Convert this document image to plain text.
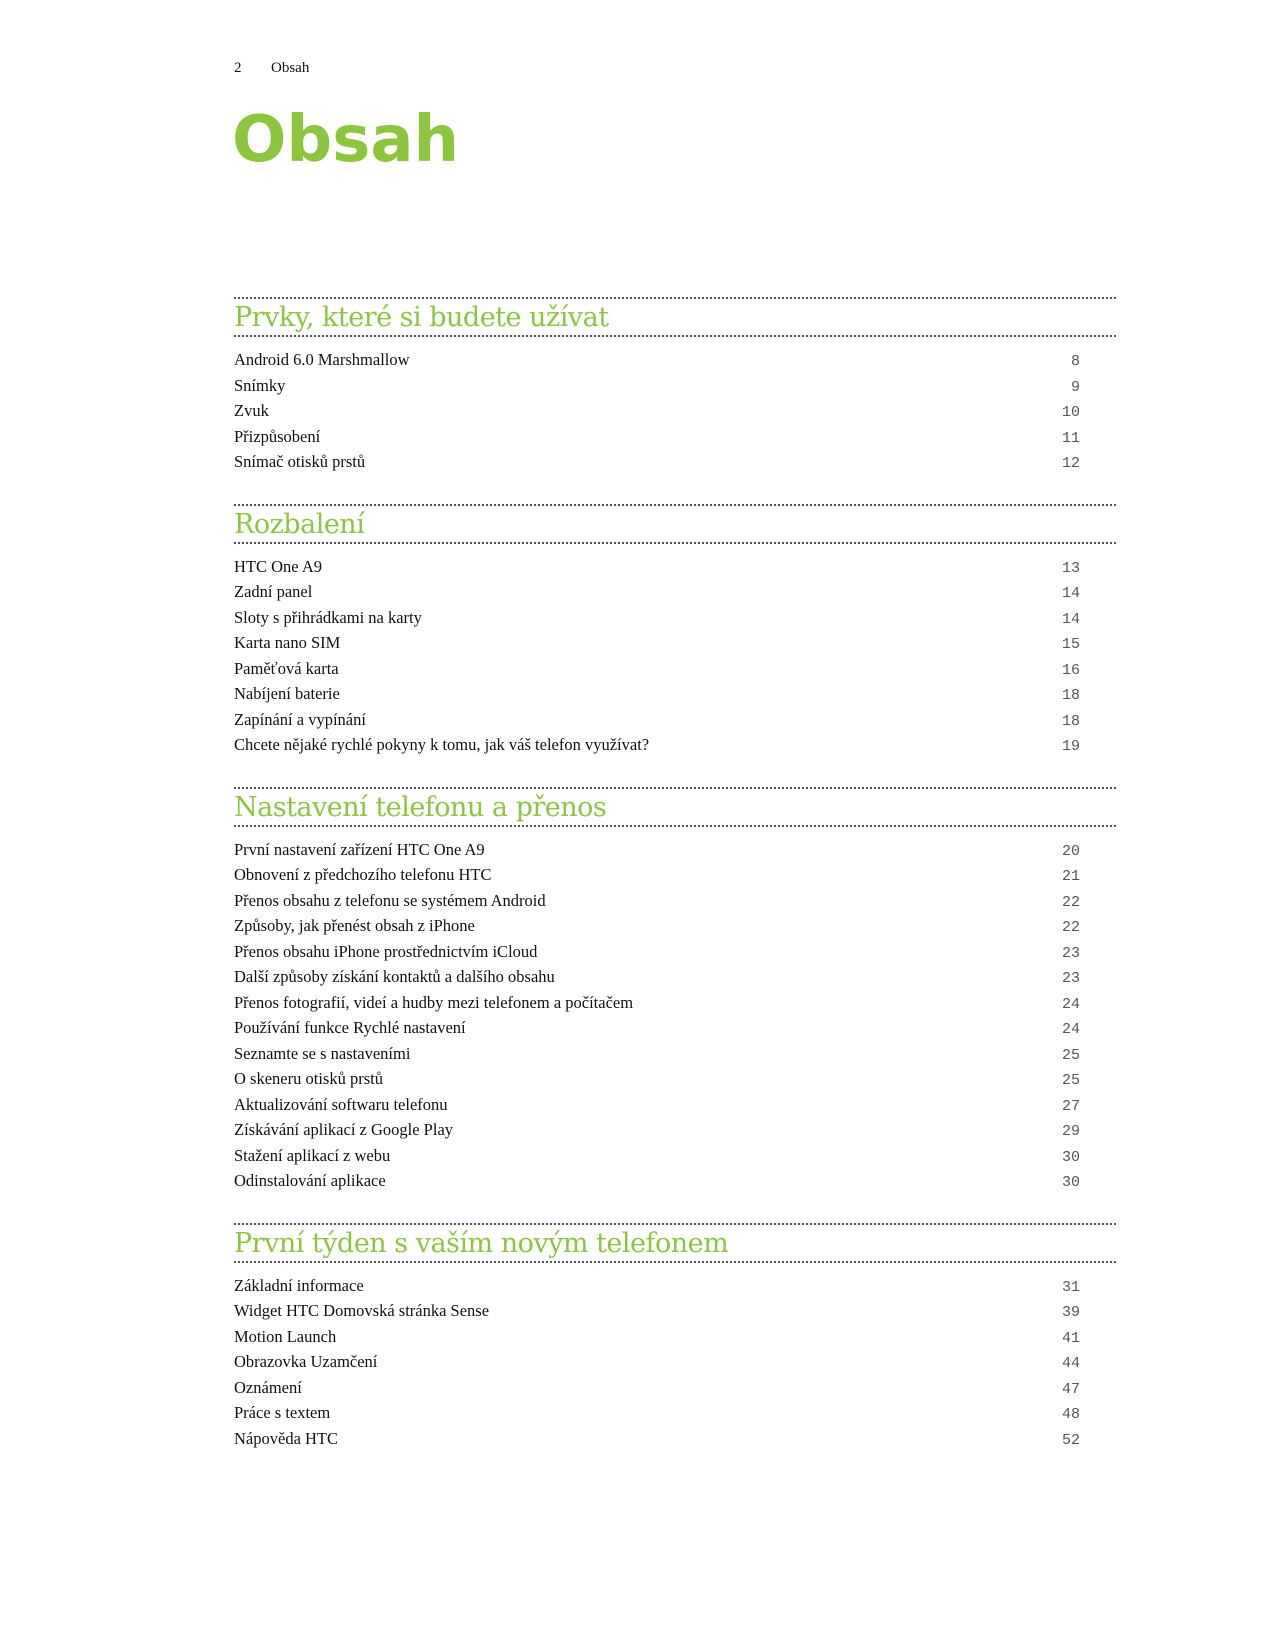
2 Obsah
Obsah
Prvky, které si budete užívat
Android 6.0 Marshmallow	8
Snímky	9
Zvuk	10
Přizpůsobení	11
Snímač otisků prstů	12
Rozbalení
HTC One A9	13
Zadní panel	14
Sloty s přihrádkami na karty	14
Karta nano SIM	15
Paměťová karta	16
Nabíjení baterie	18
Zapínání a vypínání	18
Chcete nějaké rychlé pokyny k tomu, jak váš telefon využívat?	19
Nastavení telefonu a přenos
První nastavení zařízení HTC One A9	20
Obnovení z předchozího telefonu HTC	21
Přenos obsahu z telefonu se systémem Android	22
Způsoby, jak přenést obsah z iPhone	22
Přenos obsahu iPhone prostřednictvím iCloud	23
Další způsoby získání kontaktů a dalšího obsahu	23
Přenos fotografií, videí a hudby mezi telefonem a počítačem	24
Používání funkce Rychlé nastavení	24
Seznamte se s nastaveními	25
O skeneru otisků prstů	25
Aktualizování softwaru telefonu	27
Získávání aplikací z Google Play	29
Stažení aplikací z webu	30
Odinstalování aplikace	30
První týden s vaším novým telefonem
Základní informace	31
Widget HTC Domovská stránka Sense	39
Motion Launch	41
Obrazovka Uzamčení	44
Oznámení	47
Práce s textem	48
Nápověda HTC	52
